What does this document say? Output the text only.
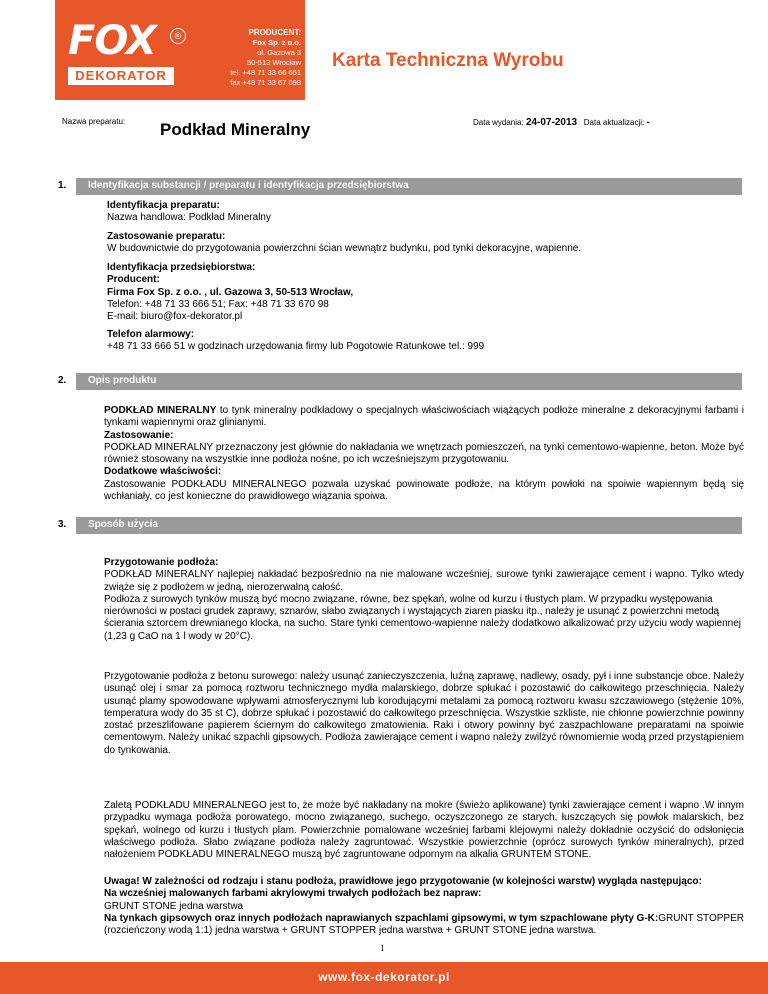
FOX	®
DEKORATOR
PRODUCENT:
Fox Sp. z o.o.
ul. Gazowa 3
50-513 Wrocław
tel. +48 71 33 66 651
fax +48 71 33 67 098
Karta Techniczna Wyrobu
Nazwa preparatu: Podkład Mineralny	Data wydania: 24-07-2013 Data aktualizacji: -
1. Identyfikacja substancji / preparatu i identyfikacja przedsiębiorstwa

Identyfikacja preparatu:

Nazwa handlowa: Podkład Mineralny

Zastosowanie preparatu:

W budownictwie do przygotowania powierzchni ścian wewnątrz budynku, pod tynki dekoracyjne, wapienne.

Identyfikacja przedsiębiorstwa:

Producent:

Firma Fox Sp. z o.o. , ul. Gazowa 3, 50-513 Wrocław,

Telefon: +48 71 33 666 51; Fax: +48 71 33 670 98

E-mail: biuro@fox-dekorator.pl

Telefon alarmowy:

+48 71 33 666 51 w godzinach urzędowania firmy lub Pogotowie Ratunkowe tel.: 999

2. Opis produktu

PODKŁAD MINERALNY to tynk mineralny podkładowy o specjalnych właściwościach wiążących podłoże mineralne z dekoracyjnymi farbami i tynkami wapiennymi oraz glinianymi.

Zastosowanie:

PODKŁAD MINERALNY przeznaczony jest głównie do nakładania we wnętrzach pomieszczeń, na tynki cementowo-wapienne, beton. Może być również stosowany na wszystkie inne podłoża nośne, po ich wcześniejszym przygotowaniu.

Dodatkowe właściwości:

Zastosowanie PODKŁADU MINERALNEGO pozwala uzyskać powinowate podłoże, na którym powłoki na spoiwie wapiennym będą się wchłaniały, co jest konieczne do prawidłowego wiązania spoiwa.

3. Sposób użycia

Przygotowanie podłoża:

PODKŁAD MINERALNY najlepiej nakładać bezpośrednio na nie malowane wcześniej, surowe tynki zawierające cement i wapno. Tylko wtedy zwiąże się z podłożem w jedną, nierozerwalną całość.

Podłoża z surowych tynków muszą być mocno związane, równe, bez spękań, wolne od kurzu i tłustych plam. W przypadku występowania nierówności w postaci grudek zaprawy, sznarów, słabo związanych i wystających ziaren piasku itp., należy je usunąć z powierzchni metodą ścierania sztorcem drewnianego klocka, na sucho. Stare tynki cementowo-wapienne należy dodatkowo alkalizować przy użyciu wody wapiennej (1,23 g CaO na 1 l wody w 20°C).

Przygotowanie podłoża z betonu surowego: należy usunąć zanieczyszczenia, luźną zaprawę, nadlewy, osady, pył i inne substancje obce. Należy usunąć olej i smar za pomocą roztworu technicznego mydła malarskiego, dobrze spłukać i pozostawić do całkowitego przeschnięcia. Należy usunąć plamy spowodowane wpływami atmosferycznymi lub korodującymi metalami za pomocą roztworu kwasu szczawiowego (stężenie 10%, temperatura wody do 35 st C), dobrze spłukać i pozostawić do całkowitego przeschnięcia. Wszystkie szkliste, nie chłonne powierzchnie powinny zostać przeszlifowane papierem ściernym do całkowitego zmatowienia. Raki i otwory powinny być zaszpachlowane preparatami na spoiwie cementowym. Należy unikać szpachli gipsowych. Podłoża zawierające cement i wapno należy zwilżyć równomiernie wodą przed przystąpieniem do tynkowania.
Zaletą PODKŁADU MINERALNEGO jest to, że może być nakładany na mokre (świeżo aplikowane) tynki zawierające cement i wapno .W innym przypadku wymaga podłoża porowatego, mocno związanego, suchego, oczyszczonego ze starych, łuszczących się powłok malarskich, bez spękań, wolnego od kurzu i tłustych plam. Powierzchnie pomalowane wcześniej farbami klejowymi należy dokładnie oczyścić do odsłonięcia właściwego podłoża. Słabo związane podłoża należy zagruntować. Wszystkie powierzchnie (oprócz surowych tynków mineralnych), przed nałożeniem PODKŁADU MINERALNEGO muszą być zagruntowane odpornym na alkalia GRUNTEM STONE.

Uwaga! W zależności od rodzaju i stanu podłoża, prawidłowe jego przygotowanie (w kolejności warstw) wygląda następująco:

Na wcześniej malowanych farbami akrylowymi trwałych podłożach bez napraw:

GRUNT STONE jedna warstwa

Na tynkach gipsowych oraz innych podłożach naprawianych szpachlami gipsowymi, w tym szpachlowane płyty G-K:GRUNT STOPPER (rozcieńczony wodą 1:1) jedna warstwa + GRUNT STOPPER jedna warstwa + GRUNT STONE jedna warstwa.

1
www.fox-dekorator.pl
